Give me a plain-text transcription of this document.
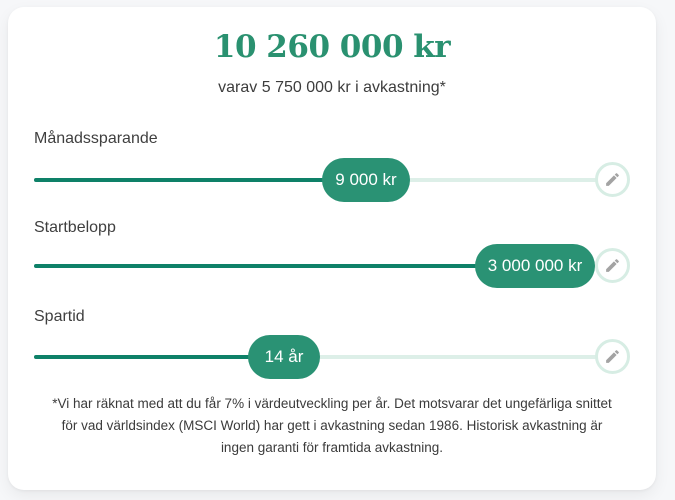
10 260 000 kr
varav 5 750 000 kr i avkastning*
Månadssparande
9 000 kr
Startbelopp
3 000 000 kr
Spartid
14 år
*Vi har räknat med att du får 7% i värdeutveckling per år. Det motsvarar det ungefärliga snittet
för vad världsindex (MSCI World) har gett i avkastning sedan 1986. Historisk avkastning är
ingen garanti för framtida avkastning.
